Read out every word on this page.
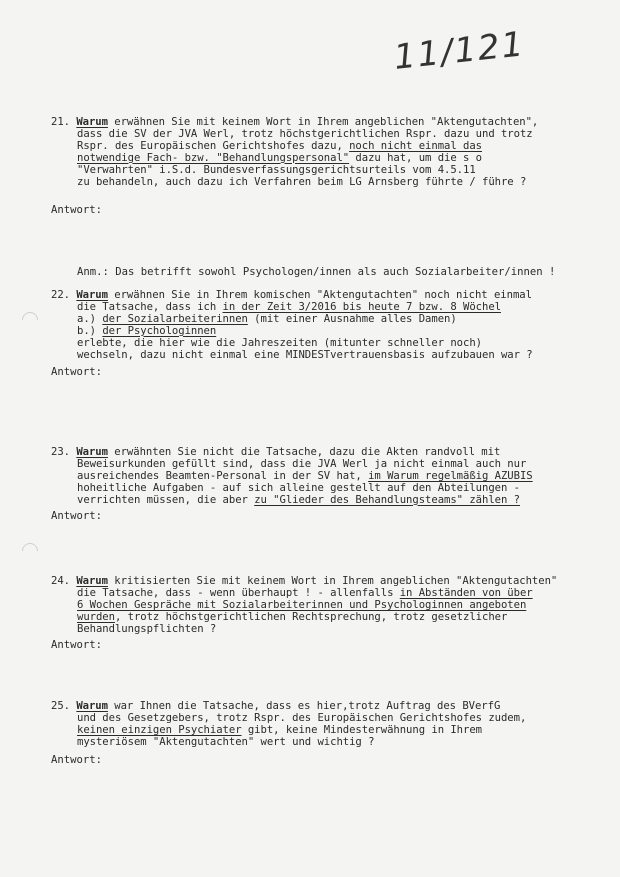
11/121
21. Warum erwähnen Sie mit keinem Wort in Ihrem angeblichen "Aktengutachten",
dass die SV der JVA Werl, trotz höchstgerichtlichen Rspr. dazu und trotz
Rspr. des Europäischen Gerichtshofes dazu, noch nicht einmal das
notwendige Fach- bzw. "Behandlungspersonal" dazu hat, um die s o
"Verwahrten" i.S.d. Bundesverfassungsgerichtsurteils vom 4.5.11
zu behandeln, auch dazu ich Verfahren beim LG Arnsberg führte / führe ?
Antwort:
Anm.: Das betrifft sowohl Psychologen/innen als auch Sozialarbeiter/innen !
22. Warum erwähnen Sie in Ihrem komischen "Aktengutachten" noch nicht einmal
die Tatsache, dass ich in der Zeit 3/2016 bis heute 7 bzw. 8 Wöchel
a.) der Sozialarbeiterinnen (mit einer Ausnahme alles Damen)
b.) der Psychologinnen
erlebte, die hier wie die Jahreszeiten (mitunter schneller noch)
wechseln, dazu nicht einmal eine MINDESTvertrauensbasis aufzubauen war ?
Antwort:
23. Warum erwähnten Sie nicht die Tatsache, dazu die Akten randvoll mit
Beweisurkunden gefüllt sind, dass die JVA Werl ja nicht einmal auch nur
ausreichendes Beamten-Personal in der SV hat, im Warum regelmäßig AZUBIS
hoheitliche Aufgaben - auf sich alleine gestellt auf den Abteilungen -
verrichten müssen, die aber zu "Glieder des Behandlungsteams" zählen ?
Antwort:
24. Warum kritisierten Sie mit keinem Wort in Ihrem angeblichen "Aktengutachten"
die Tatsache, dass - wenn überhaupt ! - allenfalls in Abständen von über
6 Wochen Gespräche mit Sozialarbeiterinnen und Psychologinnen angeboten
wurden, trotz höchstgerichtlichen Rechtsprechung, trotz gesetzlicher
Behandlungspflichten ?
Antwort:
25. Warum war Ihnen die Tatsache, dass es hier,trotz Auftrag des BVerfG
und des Gesetzgebers, trotz Rspr. des Europäischen Gerichtshofes zudem,
keinen einzigen Psychiater gibt, keine Mindesterwähnung in Ihrem
mysteriösem "Aktengutachten" wert und wichtig ?
Antwort:
